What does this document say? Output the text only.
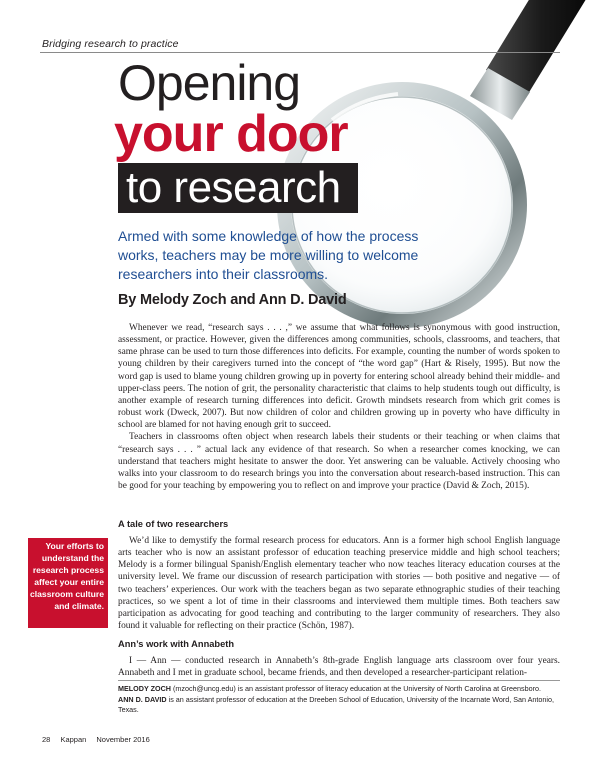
Bridging research to practice
Opening
your door
to research
Armed with some knowledge of how the process works, teachers may be more willing to welcome researchers into their classrooms.
By Melody Zoch and Ann D. David

Whenever we read, “research says . . . ,” we assume that what follows is synonymous with good instruction, assessment, or practice. However, given the differences among communities, schools, classrooms, and teachers, that same phrase can be used to turn those differences into deficits. For example, counting the number of words spoken to young children by their caregivers turned into the concept of “the word gap” (Hart & Risely, 1995). But now the word gap is used to blame young children growing up in poverty for entering school already behind their middle- and upper-class peers. The notion of grit, the personality characteristic that claims to help students tough out difficulty, is another example of research turning differences into deficit. Growth mindsets research from which grit comes is robust work (Dweck, 2007). But now children of color and children growing up in poverty who have difficulty in school are blamed for not having enough grit to succeed.

Teachers in classrooms often object when research labels their students or their teaching or when claims that “research says . . . ” actual lack any evidence of that research. So when a researcher comes knocking, we can understand that teachers might hesitate to answer the door. Yet answering can be valuable. Actively choosing who walks into your classroom to do research brings you into the conversation about research-based instruction. This can be good for your teaching by empowering you to reflect on and improve your practice (David & Zoch, 2015).

A tale of two researchers

We’d like to demystify the formal research process for educators. Ann is a former high school English language arts teacher who is now an assistant professor of education teaching preservice middle and high school teachers; Melody is a former bilingual Spanish/English elementary teacher who now teaches literacy education courses at the university level. We frame our discussion of research participation with stories — both positive and negative — of two teachers’ experiences. Our work with the teachers began as two separate ethnographic studies of their teaching practices, so we spent a lot of time in their classrooms and interviewed them multiple times. Both teachers saw participation as advocating for good teaching and contributing to the larger community of researchers. They also found it valuable for reflecting on their practice (Schön, 1987).

Your efforts to understand the research process affect your entire classroom culture and climate.
Ann’s work with Annabeth

I — Ann — conducted research in Annabeth’s 8th-grade English language arts classroom over four years. Annabeth and I met in graduate school, became friends, and then developed a researcher-participant relation-

MELODY ZOCH (mzoch@uncg.edu) is an assistant professor of literacy education at the University of North Carolina at Greensboro.
ANN D. DAVID is an assistant professor of education at the Dreeben School of Education, University of the Incarnate Word, San Antonio, Texas.
28 Kappan November 2016
